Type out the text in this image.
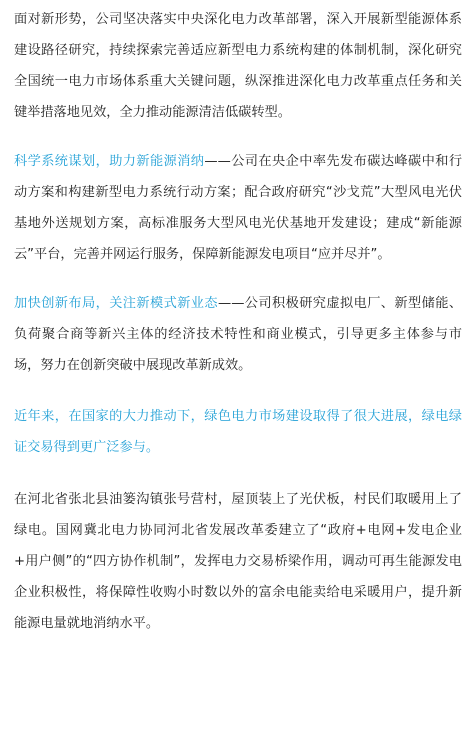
面对新形势，公司坚决落实中央深化电力改革部署，深入开展新型能源体系建设路径研究，持续探索完善适应新型电力系统构建的体制机制，深化研究全国统一电力市场体系重大关键问题，纵深推进深化电力改革重点任务和关键举措落地见效，全力推动能源清洁低碳转型。

科学系统谋划，助力新能源消纳——公司在央企中率先发布碳达峰碳中和行动方案和构建新型电力系统行动方案；配合政府研究“沙戈荒”大型风电光伏基地外送规划方案，高标准服务大型风电光伏基地开发建设；建成“新能源云”平台，完善并网运行服务，保障新能源发电项目“应并尽并”。

加快创新布局，关注新模式新业态——公司积极研究虚拟电厂、新型储能、负荷聚合商等新兴主体的经济技术特性和商业模式，引导更多主体参与市场，努力在创新突破中展现改革新成效。

近年来，在国家的大力推动下，绿色电力市场建设取得了很大进展，绿电绿证交易得到更广泛参与。

在河北省张北县油篓沟镇张号营村，屋顶装上了光伏板，村民们取暖用上了绿电。国网冀北电力协同河北省发展改革委建立了“政府+电网+发电企业+用户侧”的“四方协作机制”，发挥电力交易桥梁作用，调动可再生能源发电企业积极性，将保障性收购小时数以外的富余电能卖给电采暖用户，提升新能源电量就地消纳水平。
